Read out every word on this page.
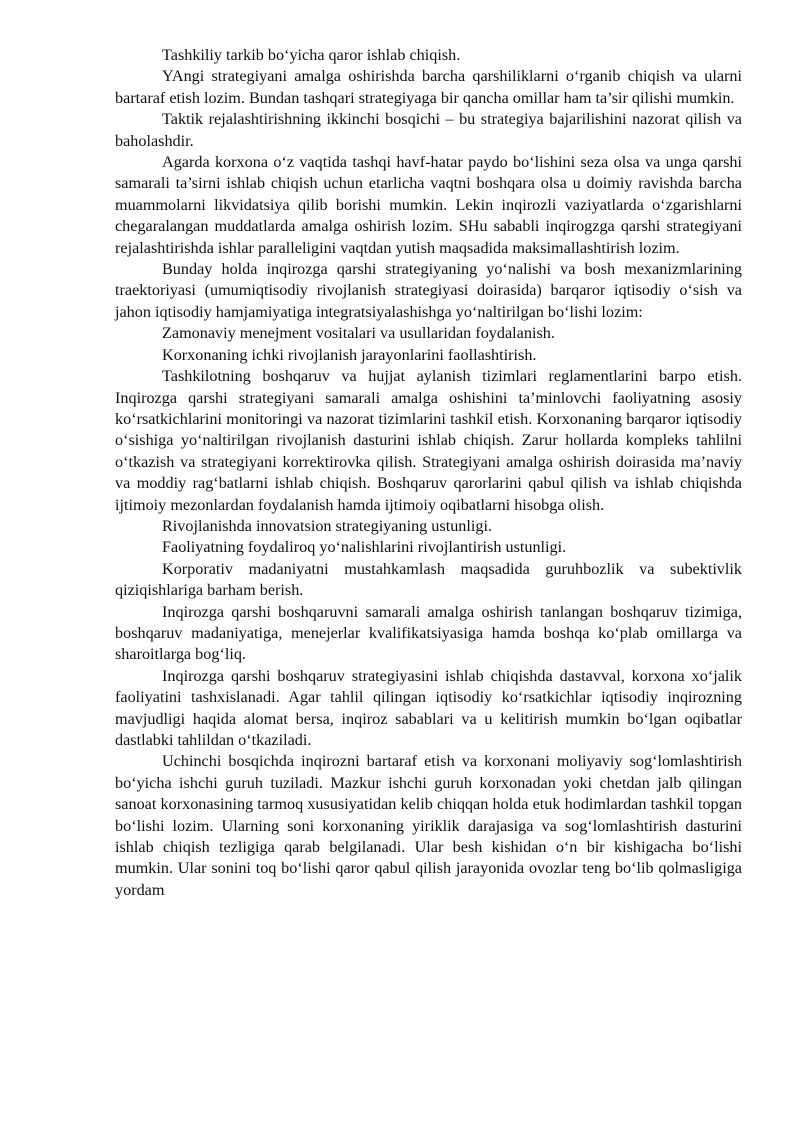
Tashkiliy tarkib bo‘yicha qaror ishlab chiqish.

YAngi strategiyani amalga oshirishda barcha qarshiliklarni o‘rganib chiqish va ularni bartaraf etish lozim. Bundan tashqari strategiyaga bir qancha omillar ham ta’sir qilishi mumkin.

Taktik rejalashtirishning ikkinchi bosqichi – bu strategiya bajarilishini nazorat qilish va baholashdir.

Agarda korxona o‘z vaqtida tashqi havf-hatar paydo bo‘lishini seza olsa va unga qarshi samarali ta’sirni ishlab chiqish uchun etarlicha vaqtni boshqara olsa u doimiy ravishda barcha muammolarni likvidatsiya qilib borishi mumkin. Lekin inqirozli vaziyatlarda o‘zgarishlarni chegaralangan muddatlarda amalga oshirish lozim. SHu sababli inqirogzga qarshi strategiyani rejalashtirishda ishlar paralleligini vaqtdan yutish maqsadida maksimallashtirish lozim.

Bunday holda inqirozga qarshi strategiyaning yo‘nalishi va bosh mexanizmlarining traektoriyasi (umumiqtisodiy rivojlanish strategiyasi doirasida) barqaror iqtisodiy o‘sish va jahon iqtisodiy hamjamiyatiga integratsiyalashishga yo‘naltirilgan bo‘lishi lozim:

Zamonaviy menejment vositalari va usullaridan foydalanish.

Korxonaning ichki rivojlanish jarayonlarini faollashtirish.

Tashkilotning boshqaruv va hujjat aylanish tizimlari reglamentlarini barpo etish. Inqirozga qarshi strategiyani samarali amalga oshishini ta’minlovchi faoliyatning asosiy ko‘rsatkichlarini monitoringi va nazorat tizimlarini tashkil etish. Korxonaning barqaror iqtisodiy o‘sishiga yo‘naltirilgan rivojlanish dasturini ishlab chiqish. Zarur hollarda kompleks tahlilni o‘tkazish va strategiyani korrektirovka qilish. Strategiyani amalga oshirish doirasida ma’naviy va moddiy rag‘batlarni ishlab chiqish. Boshqaruv qarorlarini qabul qilish va ishlab chiqishda ijtimoiy mezonlardan foydalanish hamda ijtimoiy oqibatlarni hisobga olish.

Rivojlanishda innovatsion strategiyaning ustunligi.

Faoliyatning foydaliroq yo‘nalishlarini rivojlantirish ustunligi.

Korporativ madaniyatni mustahkamlash maqsadida guruhbozlik va subektivlik qiziqishlariga barham berish.

Inqirozga qarshi boshqaruvni samarali amalga oshirish tanlangan boshqaruv tizimiga, boshqaruv madaniyatiga, menejerlar kvalifikatsiyasiga hamda boshqa ko‘plab omillarga va sharoitlarga bog‘liq.

Inqirozga qarshi boshqaruv strategiyasini ishlab chiqishda dastavval, korxona xo‘jalik faoliyatini tashxislanadi. Agar tahlil qilingan iqtisodiy ko‘rsatkichlar iqtisodiy inqirozning mavjudligi haqida alomat bersa, inqiroz sabablari va u kelitirish mumkin bo‘lgan oqibatlar dastlabki tahlildan o‘tkaziladi.

Uchinchi bosqichda inqirozni bartaraf etish va korxonani moliyaviy sog‘lomlashtirish bo‘yicha ishchi guruh tuziladi. Mazkur ishchi guruh korxonadan yoki chetdan jalb qilingan sanoat korxonasining tarmoq xususiyatidan kelib chiqqan holda etuk hodimlardan tashkil topgan bo‘lishi lozim. Ularning soni korxonaning yiriklik darajasiga va sog‘lomlashtirish dasturini ishlab chiqish tezligiga qarab belgilanadi. Ular besh kishidan o‘n bir kishigacha bo‘lishi mumkin. Ular sonini toq bo‘lishi qaror qabul qilish jarayonida ovozlar teng bo‘lib qolmasligiga yordam
